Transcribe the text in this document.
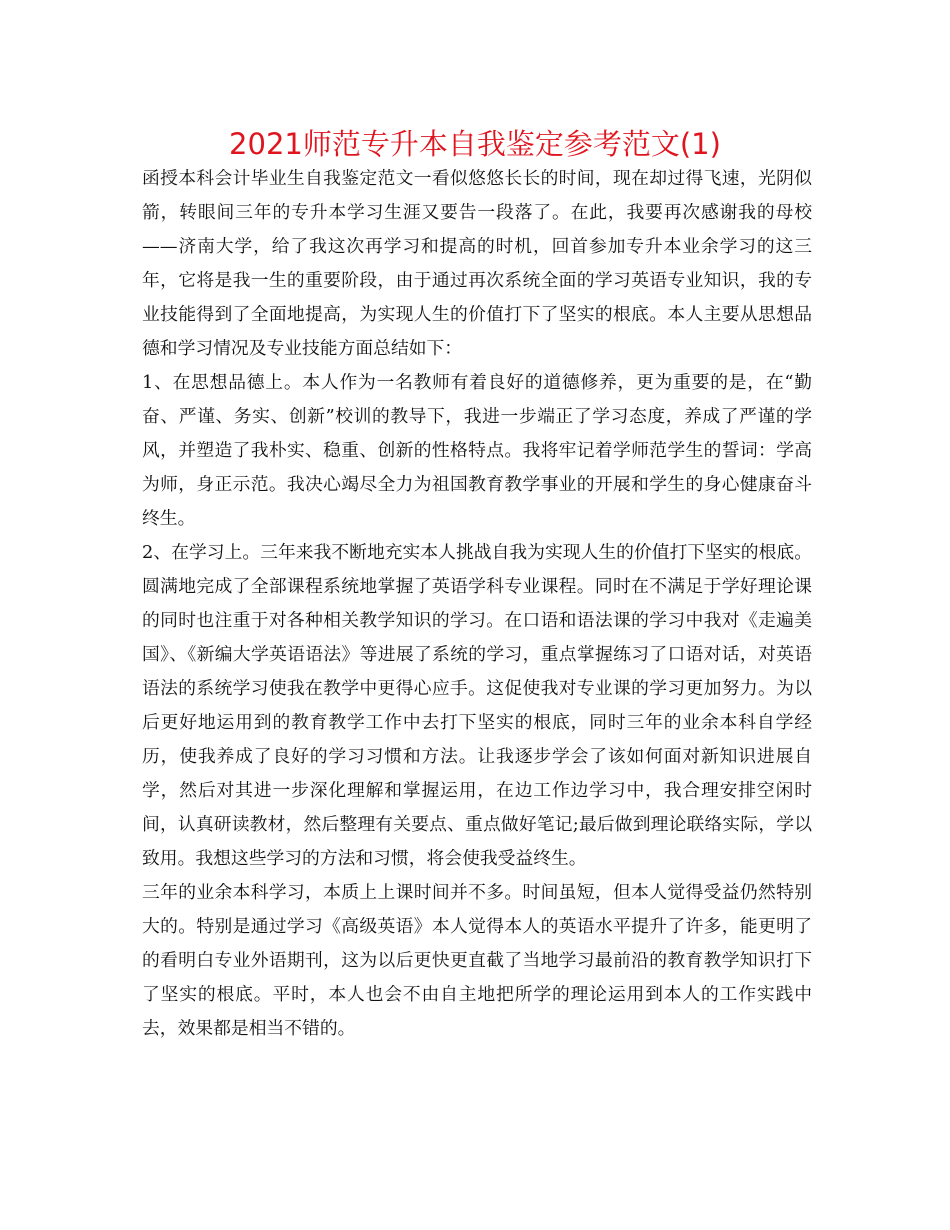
2021师范专升本自我鉴定参考范文(1)

函授本科会计毕业生自我鉴定范文一看似悠悠长长的时间，现在却过得飞速，光阴似箭，转眼间三年的专升本学习生涯又要告一段落了。在此，我要再次感谢我的母校——济南大学，给了我这次再学习和提高的时机，回首参加专升本业余学习的这三年，它将是我一生的重要阶段，由于通过再次系统全面的学习英语专业知识，我的专业技能得到了全面地提高，为实现人生的价值打下了坚实的根底。本人主要从思想品德和学习情况及专业技能方面总结如下：

1、在思想品德上。本人作为一名教师有着良好的道德修养，更为重要的是，在“勤奋、严谨、务实、创新”校训的教导下，我进一步端正了学习态度，养成了严谨的学风，并塑造了我朴实、稳重、创新的性格特点。我将牢记着学师范学生的誓词：学高为师，身正示范。我决心竭尽全力为祖国教育教学事业的开展和学生的身心健康奋斗终生。

2、在学习上。三年来我不断地充实本人挑战自我为实现人生的价值打下坚实的根底。圆满地完成了全部课程系统地掌握了英语学科专业课程。同时在不满足于学好理论课的同时也注重于对各种相关教学知识的学习。在口语和语法课的学习中我对《走遍美国》、《新编大学英语语法》等进展了系统的学习，重点掌握练习了口语对话，对英语语法的系统学习使我在教学中更得心应手。这促使我对专业课的学习更加努力。为以后更好地运用到的教育教学工作中去打下坚实的根底，同时三年的业余本科自学经历，使我养成了良好的学习习惯和方法。让我逐步学会了该如何面对新知识进展自学，然后对其进一步深化理解和掌握运用，在边工作边学习中，我合理安排空闲时间，认真研读教材，然后整理有关要点、重点做好笔记;最后做到理论联络实际，学以致用。我想这些学习的方法和习惯，将会使我受益终生。

三年的业余本科学习，本质上上课时间并不多。时间虽短，但本人觉得受益仍然特别大的。特别是通过学习《高级英语》本人觉得本人的英语水平提升了许多，能更明了的看明白专业外语期刊，这为以后更快更直截了当地学习最前沿的教育教学知识打下了坚实的根底。平时，本人也会不由自主地把所学的理论运用到本人的工作实践中去，效果都是相当不错的。
